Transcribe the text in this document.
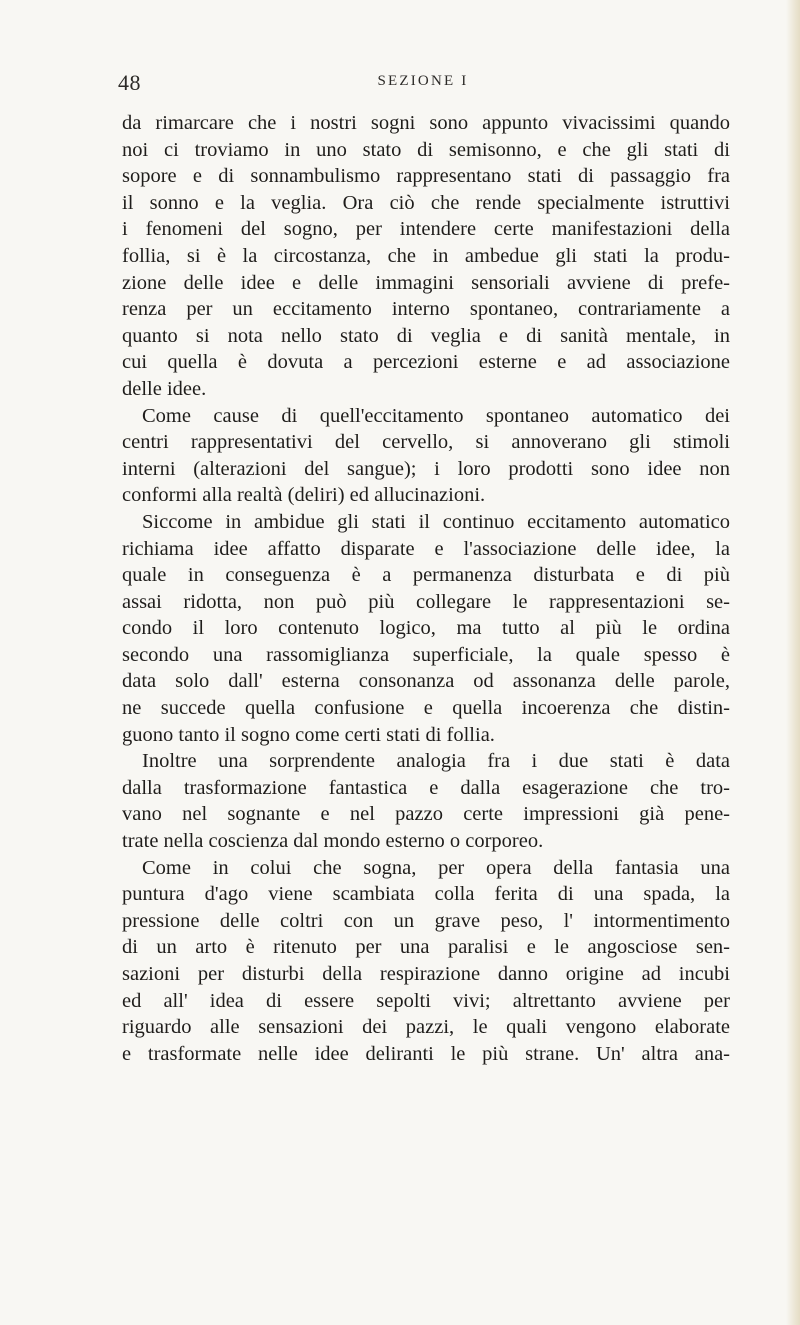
48	SEZIONE I
da rimarcare che i nostri sogni sono appunto vivacissimi quando
noi ci troviamo in uno stato di semisonno, e che gli stati di
sopore e di sonnambulismo rappresentano stati di passaggio fra
il sonno e la veglia. Ora ciò che rende specialmente istruttivi
i fenomeni del sogno, per intendere certe manifestazioni della
follia, si è la circostanza, che in ambedue gli stati la produ-
zione delle idee e delle immagini sensoriali avviene di prefe-
renza per un eccitamento interno spontaneo, contrariamente a
quanto si nota nello stato di veglia e di sanità mentale, in
cui quella è dovuta a percezioni esterne e ad associazione
delle idee.
Come cause di quell'eccitamento spontaneo automatico dei
centri rappresentativi del cervello, si annoverano gli stimoli
interni (alterazioni del sangue); i loro prodotti sono idee non
conformi alla realtà (deliri) ed allucinazioni.
Siccome in ambidue gli stati il continuo eccitamento automatico
richiama idee affatto disparate e l'associazione delle idee, la
quale in conseguenza è a permanenza disturbata e di più
assai ridotta, non può più collegare le rappresentazioni se-
condo il loro contenuto logico, ma tutto al più le ordina
secondo una rassomiglianza superficiale, la quale spesso è
data solo dall' esterna consonanza od assonanza delle parole,
ne succede quella confusione e quella incoerenza che distin-
guono tanto il sogno come certi stati di follia.
Inoltre una sorprendente analogia fra i due stati è data
dalla trasformazione fantastica e dalla esagerazione che tro-
vano nel sognante e nel pazzo certe impressioni già pene-
trate nella coscienza dal mondo esterno o corporeo.
Come in colui che sogna, per opera della fantasia una
puntura d'ago viene scambiata colla ferita di una spada, la
pressione delle coltri con un grave peso, l' intormentimento
di un arto è ritenuto per una paralisi e le angosciose sen-
sazioni per disturbi della respirazione danno origine ad incubi
ed all' idea di essere sepolti vivi; altrettanto avviene per
riguardo alle sensazioni dei pazzi, le quali vengono elaborate
e trasformate nelle idee deliranti le più strane. Un' altra ana-
